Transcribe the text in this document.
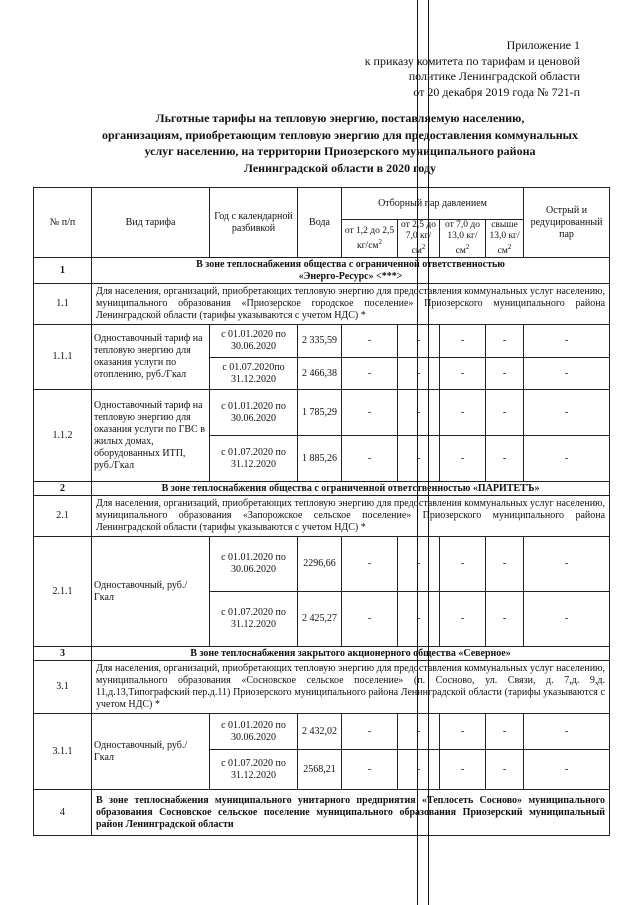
Приложение 1
к приказу комитета по тарифам и ценовой
политике Ленинградской области
от 20 декабря 2019 года № 721-п
Льготные тарифы на тепловую энергию, поставляемую населению,
организациям, приобретающим тепловую энергию для предоставления коммунальных
услуг населению, на территории Приозерского муниципального района
Ленинградской области в 2020 году
№ п/п	Вид тарифа	Год с календарной разбивкой	Вода	Отборный пар давлением				Острый и редуцированный пар
				от 1,2 до 2,5 $кг/см^2$	от 2,5 до 7,0 $кг/см^2$	от 7,0 до 13,0 $кг/см^2$	свыше 13,0 $кг/см^2$
1	В зоне теплоснабжения общества с ограниченной ответственностью
«Энерго-Ресурс» <***>							

1.1	Для населения, организаций, приобретающих тепловую энергию для предоставления коммунальных услуг населению, муниципального образования «Приозерское городское поселение» Приозерского муниципального района Ленинградской области (тарифы указываются с учетом НДС) *							
1.1.1	Одноставочный тариф на тепловую энергию для оказания услуги по отоплению, руб./Гкал	с 01.01.2020 по 30.06.2020	2 335,59	-	-	-	-	-
		с 01.07.2020по 31.12.2020	2 466,38	-	-	-	-	-
1.1.2	Одноставочный тариф на тепловую энергию для оказания услуги по ГВС в жилых домах, оборудованных ИТП, руб./Гкал	с 01.01.2020 по 30.06.2020	1 785,29	-	-	-	-	-
		с 01.07.2020 по 31.12.2020	1 885,26	-	-	-	-	-
2	В зоне теплоснабжения общества с ограниченной ответственностью «ПАРИТЕТЪ»							
2.1	Для населения, организаций, приобретающих тепловую энергию для предоставления коммунальных услуг населению, муниципального образования «Запорожское сельское поселение» Приозерского муниципального района Ленинградской области (тарифы указываются с учетом НДС) *							
2.1.1	Одноставочный, руб./Гкал	с 01.01.2020 по 30.06.2020	2296,66	-	-	-	-	-
		с 01.07.2020 по 31.12.2020	2 425,27	-	-	-	-	-
3	В зоне теплоснабжения закрытого акционерного общества «Северное»							
3.1	Для населения, организаций, приобретающих тепловую энергию для предоставления коммунальных услуг населению, муниципального образования «Сосновское сельское поселение» (п. Сосново, ул. Связи, д. 7,д. 9,д. 11,д.13,Типографский пер.д.11) Приозерского муниципального района Ленинградской области (тарифы указываются с учетом НДС) *							
3.1.1	Одноставочный, руб./Гкал	с 01.01.2020 по 30.06.2020	2 432,02	-	-	-	-	-
		с 01.07.2020 по 31.12.2020	2568,21	-	-	-	-	-
4	В зоне теплоснабжения муниципального унитарного предприятия «Теплосеть Сосново» муниципального образования Сосновское сельское поселение муниципального образования Приозерский муниципальный район Ленинградской области							
